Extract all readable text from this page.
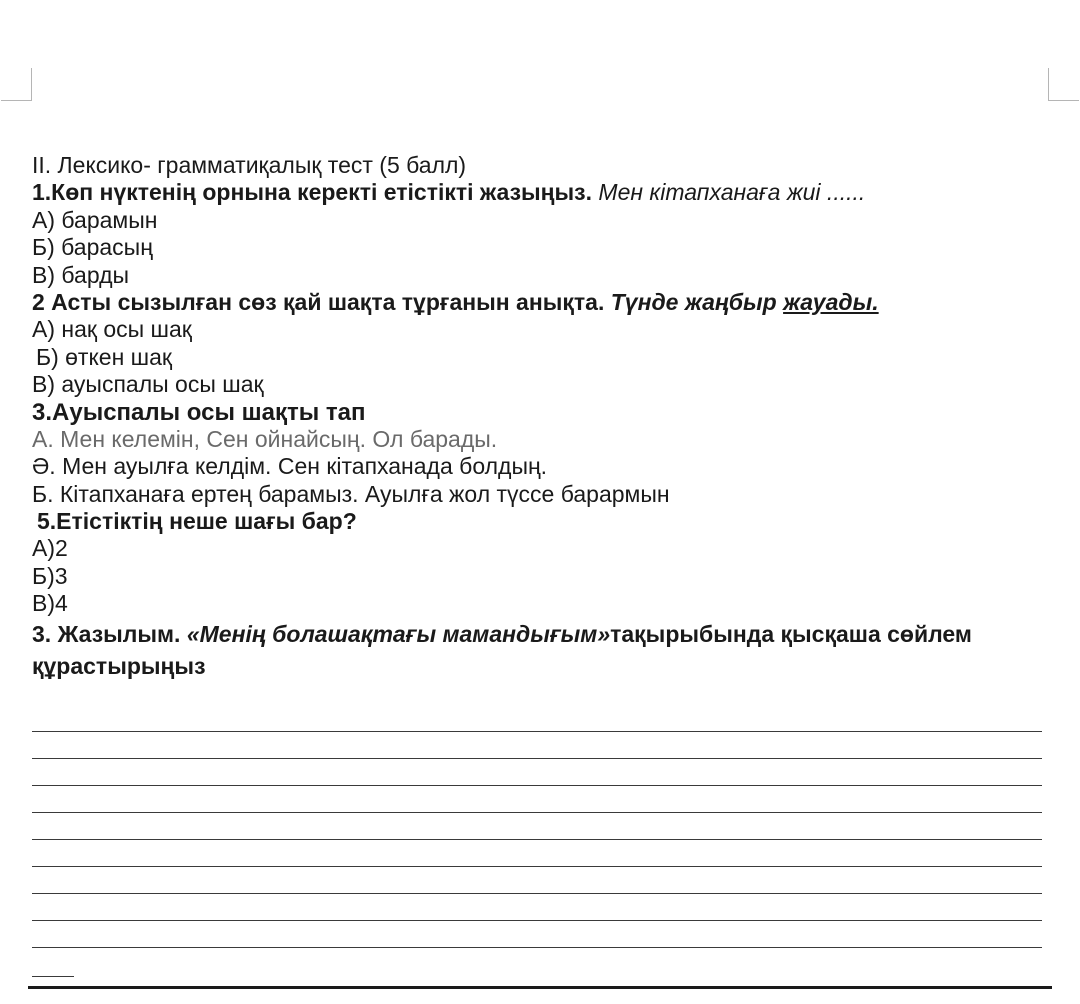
II. Лексико- грамматиқалық тест (5 балл)
1.Көп нүктенің орнына керекті етістікті жазыңыз. Мен кітапханаға жиі ......
А) барамын
Б) барасың
В) барды
2 Асты сызылған сөз қай шақта тұрғанын анықта. Түнде жаңбыр жауады.
А) нақ осы шақ
Б) өткен шақ
В) ауыспалы осы шақ
3.Ауыспалы осы шақты тап
А. Мен келемін, Сен ойнайсың. Ол барады.
Ә. Мен ауылға келдім. Сен кітапханада болдың.
Б. Кітапханаға ертең барамыз. Ауылға жол түссе барармын
5.Етістіктің неше шағы бар?
А)2
Б)3
В)4
3. Жазылым. «Менің болашақтағы мамандығым»тақырыбында қысқаша сөйлем
құрастырыңыз
